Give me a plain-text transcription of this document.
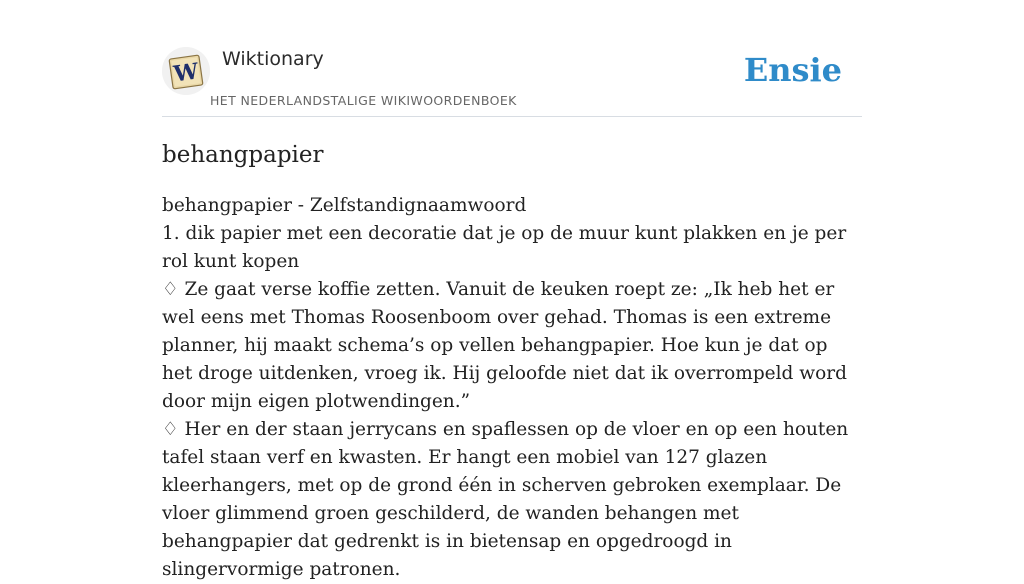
W Wiktionary
HET NEDERLANDSTALIGE WIKIWOORDENBOEK
Ensie
behangpapier
behangpapier - Zelfstandignaamwoord
1. dik papier met een decoratie dat je op de muur kunt plakken en je per rol kunt kopen
♢ Ze gaat verse koffie zetten. Vanuit de keuken roept ze: „Ik heb het er wel eens met Thomas Roosenboom over gehad. Thomas is een extreme planner, hij maakt schema’s op vellen behangpapier. Hoe kun je dat op het droge uitdenken, vroeg ik. Hij geloofde niet dat ik overrompeld word door mijn eigen plotwendingen.”
♢ Her en der staan jerrycans en spaflessen op de vloer en op een houten tafel staan verf en kwasten. Er hangt een mobiel van 127 glazen kleerhangers, met op de grond één in scherven gebroken exemplaar. De vloer glimmend groen geschilderd, de wanden behangen met behangpapier dat gedrenkt is in bietensap en opgedroogd in slingervormige patronen.
